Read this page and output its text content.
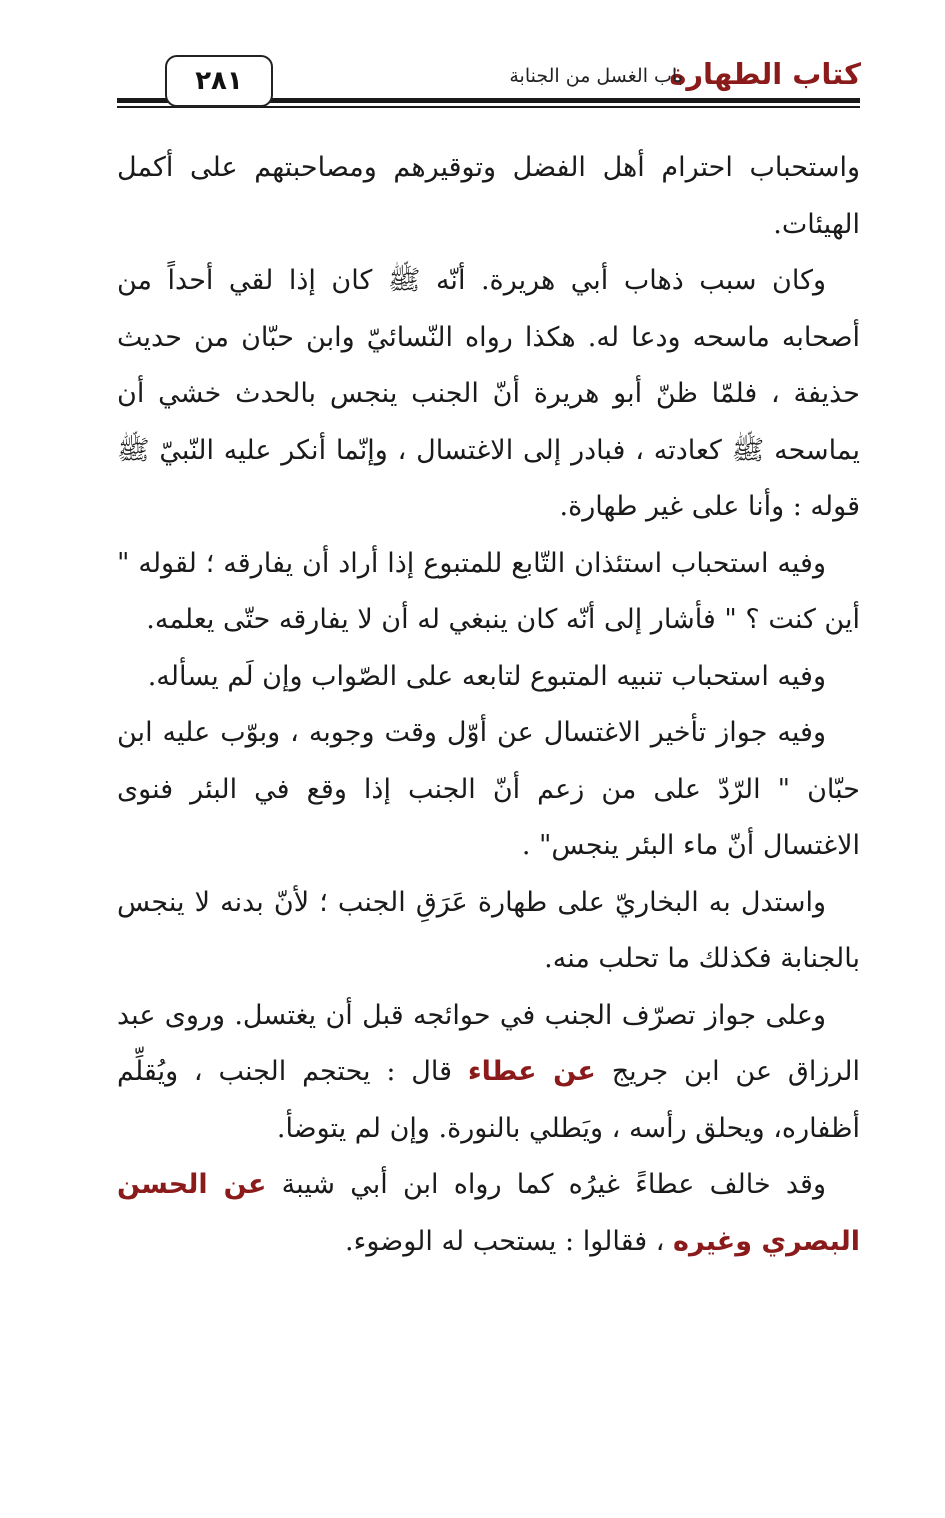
كتاب الطهارة
باب الغسل من الجنابة
٢٨١

واستحباب احترام أهل الفضل وتوقيرهم ومصاحبتهم على أكمل الهيئات.

وكان سبب ذهاب أبي هريرة. أنّه ﷺ كان إذا لقي أحداً من أصحابه ماسحه ودعا له. هكذا رواه النّسائيّ وابن حبّان من حديث حذيفة ، فلمّا ظنّ أبو هريرة أنّ الجنب ينجس بالحدث خشي أن يماسحه ﷺ كعادته ، فبادر إلى الاغتسال ، وإنّما أنكر عليه النّبيّ ﷺ قوله : وأنا على غير طهارة.

وفيه استحباب استئذان التّابع للمتبوع إذا أراد أن يفارقه ؛ لقوله " أين كنت ؟ " فأشار إلى أنّه كان ينبغي له أن لا يفارقه حتّى يعلمه.

وفيه استحباب تنبيه المتبوع لتابعه على الصّواب وإن لَم يسأله.

وفيه جواز تأخير الاغتسال عن أوّل وقت وجوبه ، وبوّب عليه ابن حبّان " الرّدّ على من زعم أنّ الجنب إذا وقع في البئر فنوى الاغتسال أنّ ماء البئر ينجس" .

واستدل به البخاريّ على طهارة عَرَقِ الجنب ؛ لأنّ بدنه لا ينجس بالجنابة فكذلك ما تحلب منه.

وعلى جواز تصرّف الجنب في حوائجه قبل أن يغتسل. وروى عبد الرزاق عن ابن جريج عن عطاء قال : يحتجم الجنب ، ويُقلِّم أظفاره، ويحلق رأسه ، ويَطلي بالنورة. وإن لم يتوضأ.

وقد خالف عطاءً غيرُه كما رواه ابن أبي شيبة عن الحسن البصري وغيره ، فقالوا : يستحب له الوضوء.
